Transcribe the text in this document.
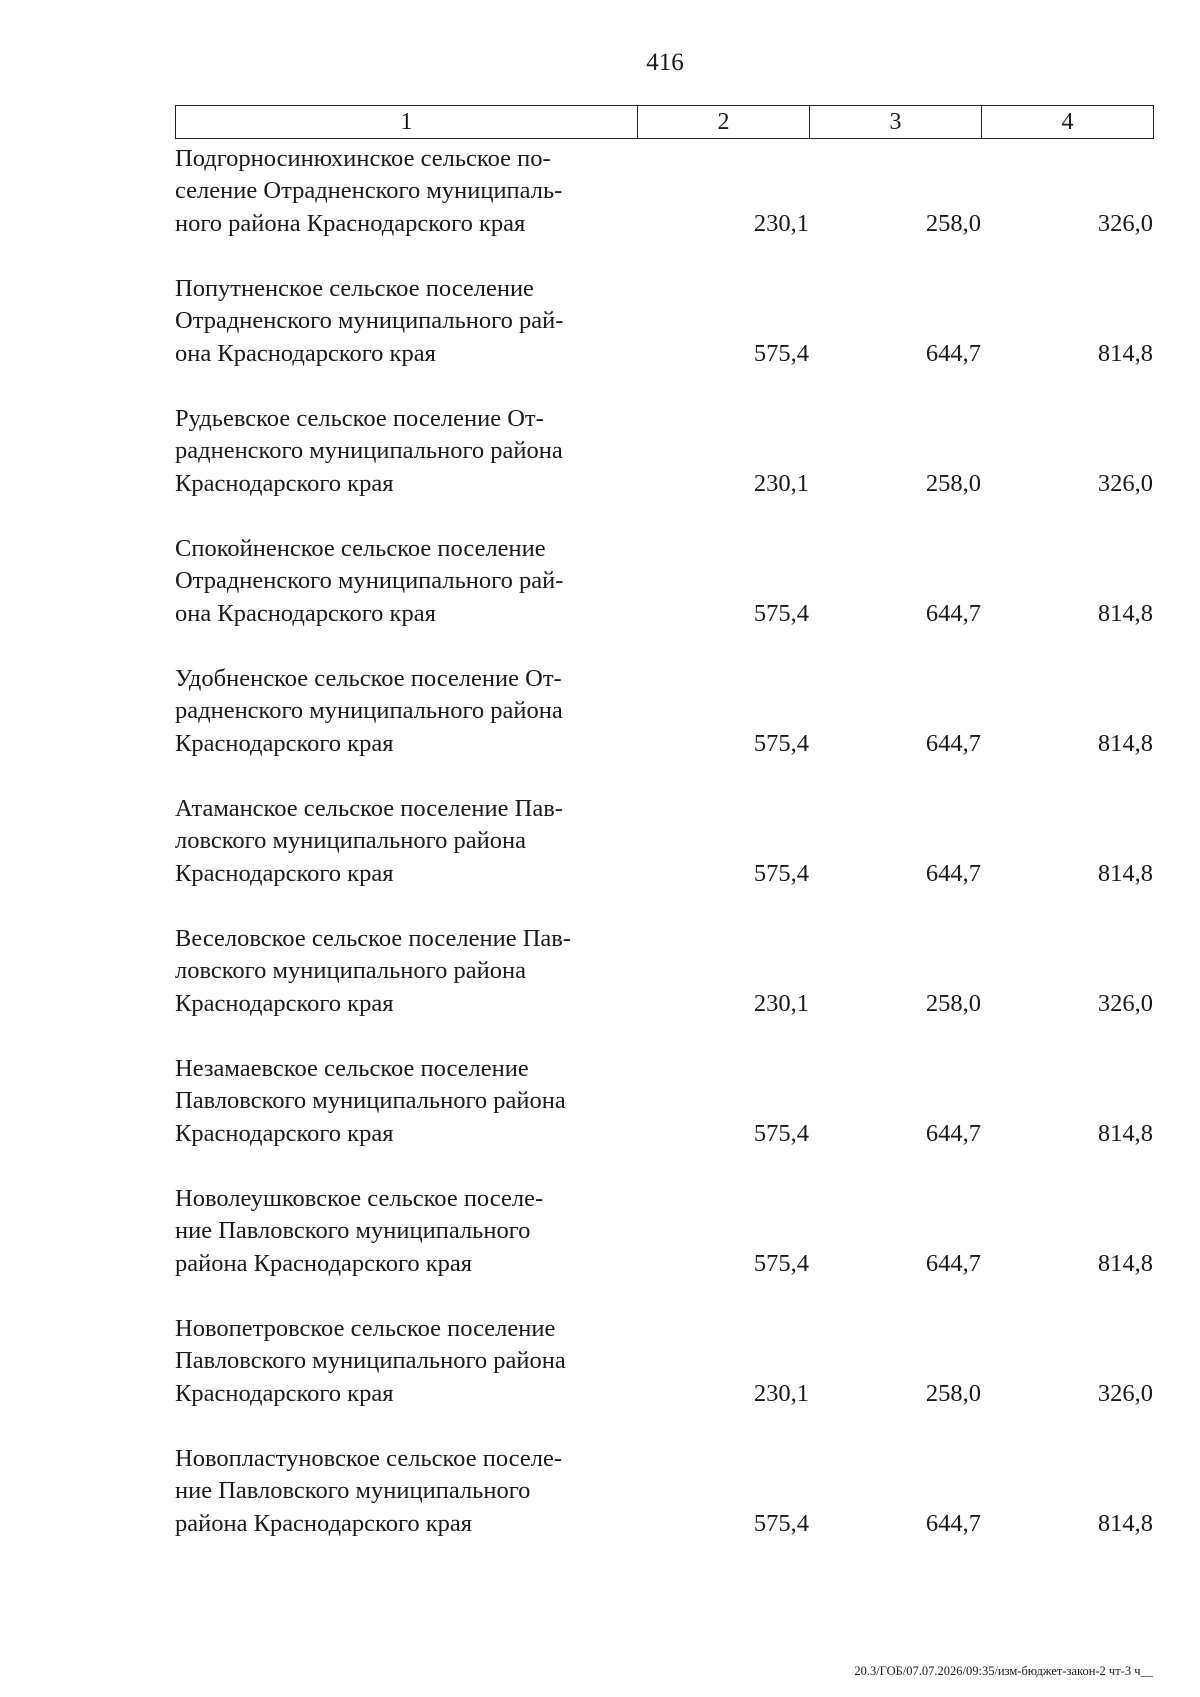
416
1	2	3	4
Подгорносинюхинское сельское по-
селение Отрадненского муниципаль-
ного района Краснодарского края	230,1	258,0	326,0
Попутненское сельское поселение
Отрадненского муниципального рай-
она Краснодарского края	575,4	644,7	814,8
Рудьевское сельское поселение От-
радненского муниципального района
Краснодарского края	230,1	258,0	326,0
Спокойненское сельское поселение
Отрадненского муниципального рай-
она Краснодарского края	575,4	644,7	814,8
Удобненское сельское поселение От-
радненского муниципального района
Краснодарского края	575,4	644,7	814,8
Атаманское сельское поселение Пав-
ловского муниципального района
Краснодарского края	575,4	644,7	814,8
Веселовское сельское поселение Пав-
ловского муниципального района
Краснодарского края	230,1	258,0	326,0
Незамаевское сельское поселение
Павловского муниципального района
Краснодарского края	575,4	644,7	814,8
Новолеушковское сельское поселе-
ние Павловского муниципального
района Краснодарского края	575,4	644,7	814,8
Новопетровское сельское поселение
Павловского муниципального района
Краснодарского края	230,1	258,0	326,0
Новопластуновское сельское поселе-
ние Павловского муниципального
района Краснодарского края	575,4	644,7	814,8
20.3/ГОБ/07.07.2026/09:35/изм-бюджет-закон-2 чт-3 ч__
